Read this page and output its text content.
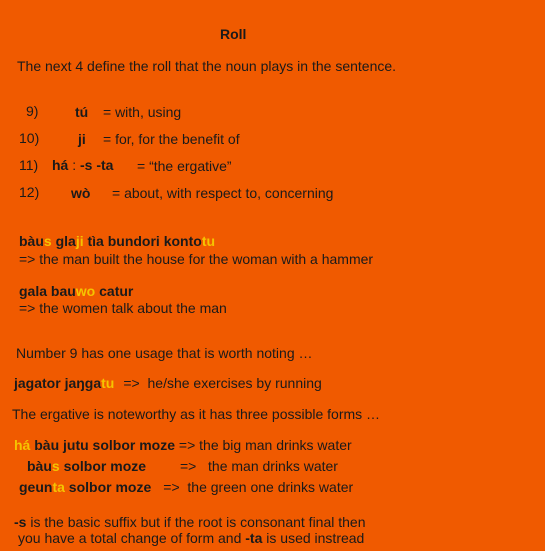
Roll
The next 4 define the roll that the noun plays in the sentence.
9)	tú = with, using
10)	ji = for, for the benefit of
11) há : -s -ta = “the ergative”
12) wò = about, with respect to, concerning
bàus glaji tìa bundori kontotu
=> the man built the house for the woman with a hammer
gala bauwo catur
=> the women talk about the man
Number 9 has one usage that is worth noting …
jagator jaŋgatu =>  he/she exercises by running
The ergative is noteworthy as it has three possible forms …
há bàu jutu solbor moze => the big man drinks water
bàus solbor moze =>   the man drinks water
geunta solbor moze =>  the green one drinks water
-s is the basic suffix but if the root is consonant final then
you have a total change of form and -ta is used instread
